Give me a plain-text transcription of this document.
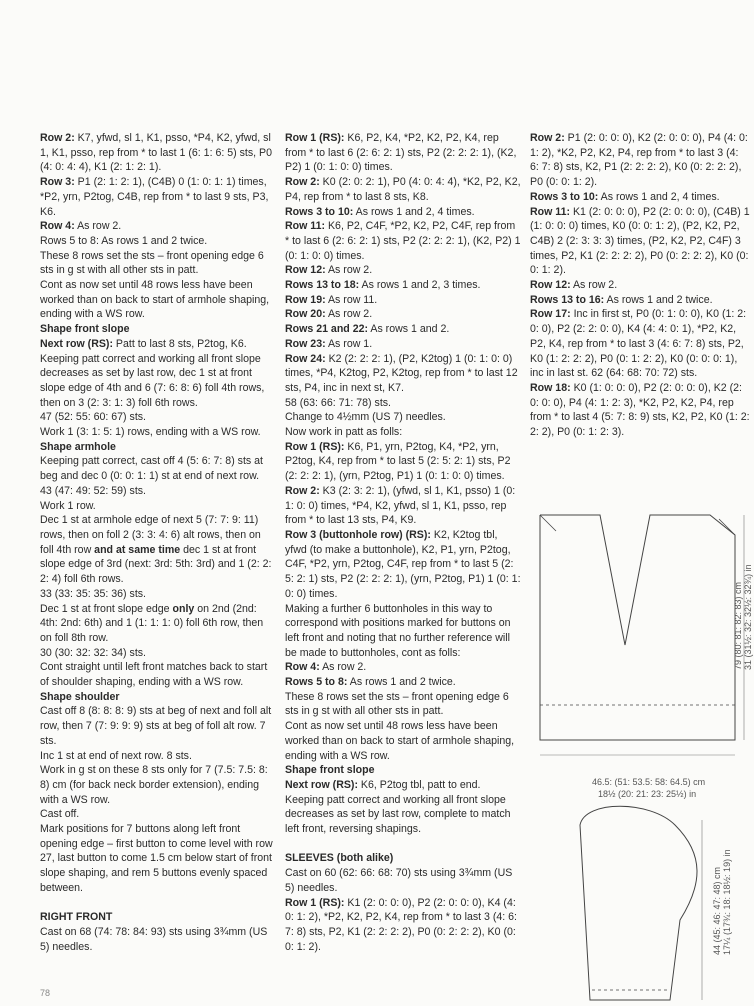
Row 2: K7, yfwd, sl 1, K1, psso, *P4, K2, yfwd, sl 1, K1, psso, rep from * to last 1 (6: 1: 6: 5) sts, P0 (4: 0: 4: 4), K1 (2: 1: 2: 1).

Row 3: P1 (2: 1: 2: 1), (C4B) 0 (1: 0: 1: 1) times, *P2, yrn, P2tog, C4B, rep from * to last 9 sts, P3, K6.

Row 4: As row 2.

Rows 5 to 8: As rows 1 and 2 twice.

These 8 rows set the sts – front opening edge 6 sts in g st with all other sts in patt.

Cont as now set until 48 rows less have been worked than on back to start of armhole shaping, ending with a WS row.

Shape front slope

Next row (RS): Patt to last 8 sts, P2tog, K6.

Keeping patt correct and working all front slope decreases as set by last row, dec 1 st at front slope edge of 4th and 6 (7: 6: 8: 6) foll 4th rows, then on 3 (2: 3: 1: 3) foll 6th rows.

47 (52: 55: 60: 67) sts.

Work 1 (3: 1: 5: 1) rows, ending with a WS row.

Shape armhole

Keeping patt correct, cast off 4 (5: 6: 7: 8) sts at beg and dec 0 (0: 0: 1: 1) st at end of next row.

43 (47: 49: 52: 59) sts.

Work 1 row.

Dec 1 st at armhole edge of next 5 (7: 7: 9: 11) rows, then on foll 2 (3: 3: 4: 6) alt rows, then on foll 4th row and at same time dec 1 st at front slope edge of 3rd (next: 3rd: 5th: 3rd) and 1 (2: 2: 2: 4) foll 6th rows.

33 (33: 35: 35: 36) sts.

Dec 1 st at front slope edge only on 2nd (2nd: 4th: 2nd: 6th) and 1 (1: 1: 1: 0) foll 6th row, then on foll 8th row.

30 (30: 32: 32: 34) sts.

Cont straight until left front matches back to start of shoulder shaping, ending with a WS row.

Shape shoulder

Cast off 8 (8: 8: 8: 9) sts at beg of next and foll alt row, then 7 (7: 9: 9: 9) sts at beg of foll alt row. 7 sts.

Inc 1 st at end of next row. 8 sts.

Work in g st on these 8 sts only for 7 (7.5: 7.5: 8: 8) cm (for back neck border extension), ending with a WS row.

Cast off.

Mark positions for 7 buttons along left front opening edge – first button to come level with row 27, last button to come 1.5 cm below start of front slope shaping, and rem 5 buttons evenly spaced between.

RIGHT FRONT

Cast on 68 (74: 78: 84: 93) sts using 3¾mm (US 5) needles.

Row 1 (RS): K6, P2, K4, *P2, K2, P2, K4, rep from * to last 6 (2: 6: 2: 1) sts, P2 (2: 2: 2: 1), (K2, P2) 1 (0: 1: 0: 0) times.

Row 2: K0 (2: 0: 2: 1), P0 (4: 0: 4: 4), *K2, P2, K2, P4, rep from * to last 8 sts, K8.

Rows 3 to 10: As rows 1 and 2, 4 times.

Row 11: K6, P2, C4F, *P2, K2, P2, C4F, rep from * to last 6 (2: 6: 2: 1) sts, P2 (2: 2: 2: 1), (K2, P2) 1 (0: 1: 0: 0) times.

Row 12: As row 2.

Rows 13 to 18: As rows 1 and 2, 3 times.

Row 19: As row 11.

Row 20: As row 2.

Rows 21 and 22: As rows 1 and 2.

Row 23: As row 1.

Row 24: K2 (2: 2: 2: 1), (P2, K2tog) 1 (0: 1: 0: 0) times, *P4, K2tog, P2, K2tog, rep from * to last 12 sts, P4, inc in next st, K7.

58 (63: 66: 71: 78) sts.

Change to 4½mm (US 7) needles.

Now work in patt as folls:

Row 1 (RS): K6, P1, yrn, P2tog, K4, *P2, yrn, P2tog, K4, rep from * to last 5 (2: 5: 2: 1) sts, P2 (2: 2: 2: 1), (yrn, P2tog, P1) 1 (0: 1: 0: 0) times.

Row 2: K3 (2: 3: 2: 1), (yfwd, sl 1, K1, psso) 1 (0: 1: 0: 0) times, *P4, K2, yfwd, sl 1, K1, psso, rep from * to last 13 sts, P4, K9.

Row 3 (buttonhole row) (RS): K2, K2tog tbl, yfwd (to make a buttonhole), K2, P1, yrn, P2tog, C4F, *P2, yrn, P2tog, C4F, rep from * to last 5 (2: 5: 2: 1) sts, P2 (2: 2: 2: 1), (yrn, P2tog, P1) 1 (0: 1: 0: 0) times.

Making a further 6 buttonholes in this way to correspond with positions marked for buttons on left front and noting that no further reference will be made to buttonholes, cont as folls:

Row 4: As row 2.

Rows 5 to 8: As rows 1 and 2 twice.

These 8 rows set the sts – front opening edge 6 sts in g st with all other sts in patt.

Cont as now set until 48 rows less have been worked than on back to start of armhole shaping, ending with a WS row.

Shape front slope

Next row (RS): K6, P2tog tbl, patt to end.

Keeping patt correct and working all front slope decreases as set by last row, complete to match left front, reversing shapings.

SLEEVES (both alike)

Cast on 60 (62: 66: 68: 70) sts using 3¾mm (US 5) needles.

Row 1 (RS): K1 (2: 0: 0: 0), P2 (2: 0: 0: 0), K4 (4: 0: 1: 2), *P2, K2, P2, K4, rep from * to last 3 (4: 6: 7: 8) sts, P2, K1 (2: 2: 2: 2), P0 (0: 2: 2: 2), K0 (0: 0: 1: 2).

Row 2: P1 (2: 0: 0: 0), K2 (2: 0: 0: 0), P4 (4: 0: 1: 2), *K2, P2, K2, P4, rep from * to last 3 (4: 6: 7: 8) sts, K2, P1 (2: 2: 2: 2), K0 (0: 2: 2: 2), P0 (0: 0: 1: 2).

Rows 3 to 10: As rows 1 and 2, 4 times.

Row 11: K1 (2: 0: 0: 0), P2 (2: 0: 0: 0), (C4B) 1 (1: 0: 0: 0) times, K0 (0: 0: 1: 2), (P2, K2, P2, C4B) 2 (2: 3: 3: 3) times, (P2, K2, P2, C4F) 3 times, P2, K1 (2: 2: 2: 2), P0 (0: 2: 2: 2), K0 (0: 0: 1: 2).

Row 12: As row 2.

Rows 13 to 16: As rows 1 and 2 twice.

Row 17: Inc in first st, P0 (0: 1: 0: 0), K0 (1: 2: 0: 0), P2 (2: 2: 0: 0), K4 (4: 4: 0: 1), *P2, K2, P2, K4, rep from * to last 3 (4: 6: 7: 8) sts, P2, K0 (1: 2: 2: 2), P0 (0: 1: 2: 2), K0 (0: 0: 0: 1), inc in last st. 62 (64: 68: 70: 72) sts.

Row 18: K0 (1: 0: 0: 0), P2 (2: 0: 0: 0), K2 (2: 0: 0: 0), P4 (4: 1: 2: 3), *K2, P2, K2, P4, rep from * to last 4 (5: 7: 8: 9) sts, K2, P2, K0 (1: 2: 2: 2), P0 (0: 1: 2: 3).

46.5: (51: 53.5: 58: 64.5) cm
18½ (20: 21: 23: 25½) in
79 (80: 81: 82: 83) cm 31 (31½: 32: 32½: 32¾) in
44 (45: 46: 47: 48) cm 17¼ (17¾: 18: 18½: 19) in
78
